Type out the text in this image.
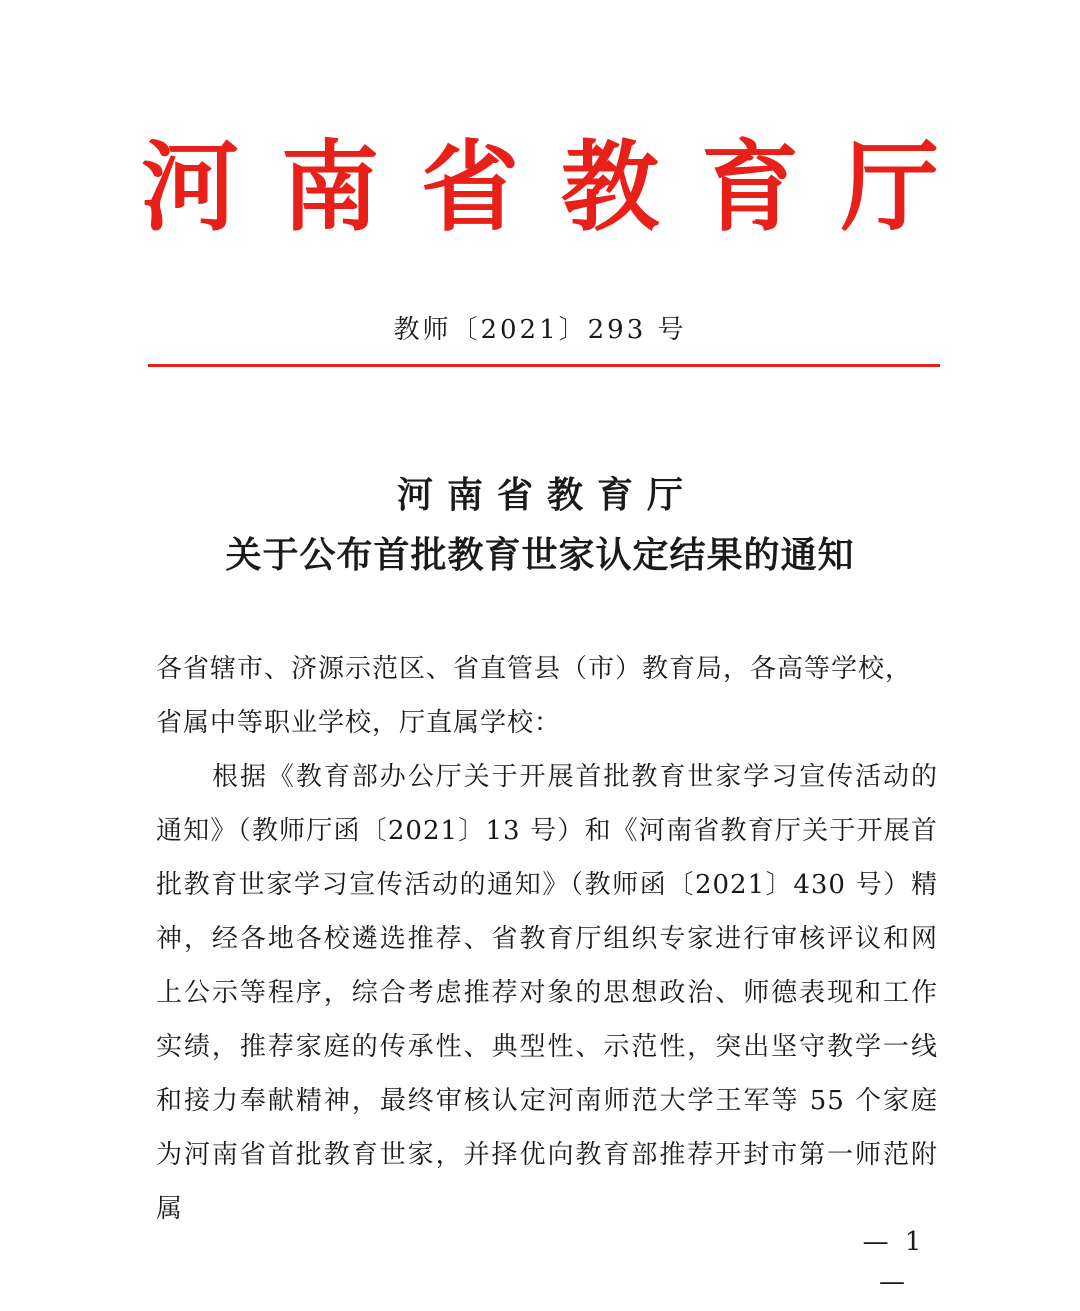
河南省教育厅
教师〔2021〕293 号
河南省教育厅
关于公布首批教育世家认定结果的通知
各省辖市、济源示范区、省直管县（市）教育局，各高等学校，省属中等职业学校，厅直属学校：
根据《教育部办公厅关于开展首批教育世家学习宣传活动的通知》（教师厅函〔2021〕13 号）和《河南省教育厅关于开展首批教育世家学习宣传活动的通知》（教师函〔2021〕430 号）精神，经各地各校遴选推荐、省教育厅组织专家进行审核评议和网上公示等程序，综合考虑推荐对象的思想政治、师德表现和工作实绩，推荐家庭的传承性、典型性、示范性，突出坚守教学一线和接力奉献精神，最终审核认定河南师范大学王军等 55 个家庭为河南省首批教育世家，并择优向教育部推荐开封市第一师范附属
— 1 —
